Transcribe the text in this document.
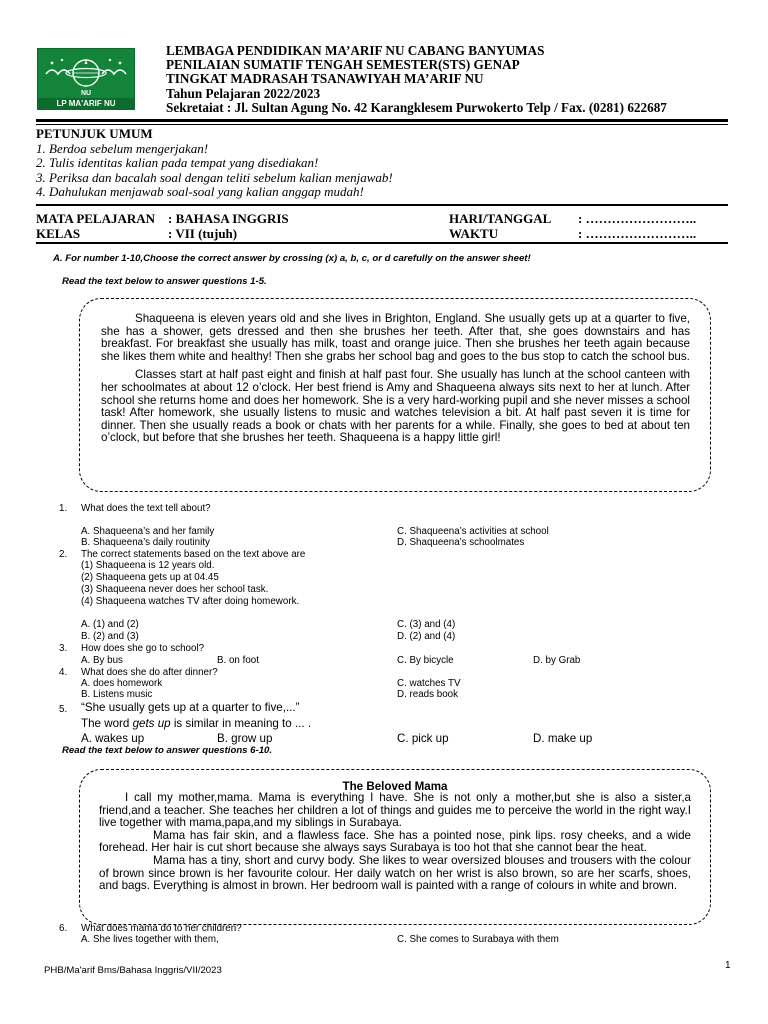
NU
LP MA'ARIF NU
LEMBAGA PENDIDIKAN MA’ARIF NU CABANG BANYUMAS
PENILAIAN SUMATIF TENGAH SEMESTER(STS) GENAP
TINGKAT MADRASAH TSANAWIYAH MA’ARIF NU
Tahun Pelajaran 2022/2023
Sekretaiat : Jl. Sultan Agung No. 42 Karangklesem Purwokerto Telp / Fax. (0281) 622687
PETUNJUK UMUM
1. Berdoa sebelum mengerjakan!
2. Tulis identitas kalian pada tempat yang disediakan!
3. Periksa dan bacalah soal dengan teliti sebelum kalian menjawab!
4. Dahulukan menjawab soal-soal yang kalian anggap mudah!
MATA PELAJARAN : BAHASA INGGRIS
KELAS	: VII (tujuh)
HARI/TANGGAL : ……………………..
WAKTU	: ……………………..
A. For number 1-10,Choose the correct answer by crossing (x) a, b, c, or d carefully on the answer sheet!
Read the text below to answer questions 1-5.

Shaqueena is eleven years old and she lives in Brighton, England. She usually gets up at a quarter to five, she has a shower, gets dressed and then she brushes her teeth. After that, she goes downstairs and has breakfast. For breakfast she usually has milk, toast and orange juice. Then she brushes her teeth again because she likes them white and healthy! Then she grabs her school bag and goes to the bus stop to catch the school bus.

Classes start at half past eight and finish at half past four. She usually has lunch at the school canteen with her schoolmates at about 12 o’clock. Her best friend is Amy and Shaqueena always sits next to her at lunch. After school she returns home and does her homework. She is a very hard-working pupil and she never misses a school task! After homework, she usually listens to music and watches television a bit. At half past seven it is time for dinner. Then she usually reads a book or chats with her parents for a while. Finally, she goes to bed at about ten o’clock, but before that she brushes her teeth. Shaqueena is a happy little girl!

1. What does the text tell about?
A. Shaqueena’s and her family
B. Shaqueena’s daily routinity
C. Shaqueena’s activities at school
D. Shaqueena’s schoolmates
2. The correct statements based on the text above are
(1) Shaqueena is 12 years old.
(2) Shaqueena gets up at 04.45
(3) Shaqueena never does her school task.
(4) Shaqueena watches TV after doing homework.
A. (1) and (2)
B. (2) and (3)
C. (3) and (4)
D. (2) and (4)
3. How does she go to school?
A. By bus	B. on foot	C. By bicycle	D. by Grab
4. What does she do after dinner?
A. does homework
B. Listens music
C. watches TV
D. reads book
5. “She usually gets up at a quarter to five,...”
The word gets up is similar in meaning to ... .
A. wakes up	B. grow up	C. pick up	D. make up
Read the text below to answer questions 6-10.
The Beloved Mama

I call my mother,mama. Mama is everything I have. She is not only a mother,but she is also a sister,a friend,and a teacher. She teaches her children a lot of things and guides me to perceive the world in the right way.I live together with mama,papa,and my siblings in Surabaya.

Mama has fair skin, and a flawless face. She has a pointed nose, pink lips. rosy cheeks, and a wide forehead. Her hair is cut short because she always says Surabaya is too hot that she cannot bear the heat.

Mama has a tiny, short and curvy body. She likes to wear oversized blouses and trousers with the colour of brown since brown is her favourite colour. Her daily watch on her wrist is also brown, so are her scarfs, shoes, and bags. Everything is almost in brown. Her bedroom wall is painted with a range of colours in white and brown.

6. What does mama do to her children?
A. She lives together with them,	C. She comes to Surabaya with them
PHB/Ma'arif Bms/Bahasa Inggris/VII/2023	1
